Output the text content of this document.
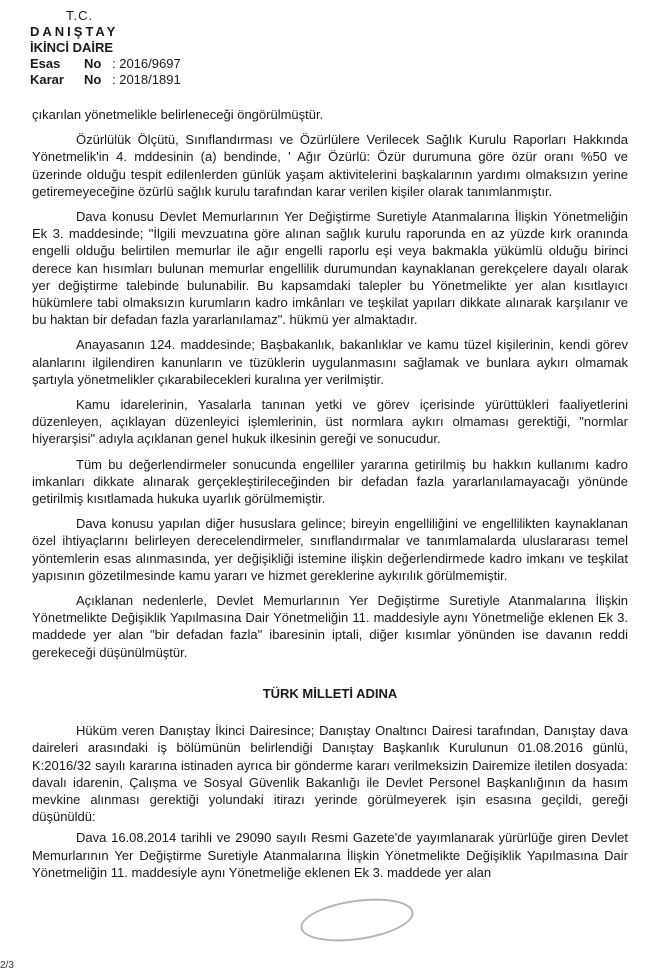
T.C.
DANIŞTAY
İKİNCİ DAİRE
Esas	No : 2016/9697
Karar	No : 2018/1891

çıkarılan yönetmelikle belirleneceği öngörülmüştür.

Özürlülük Ölçütü, Sınıflandırması ve Özürlülere Verilecek Sağlık Kurulu Raporları Hakkında Yönetmelik'in 4. mddesinin (a) bendinde, ' Ağır Özürlü: Özür durumuna göre özür oranı %50 ve üzerinde olduğu tespit edilenlerden günlük yaşam aktivitelerini başkalarının yardımı olmaksızın yerine getiremeyeceğine özürlü sağlık kurulu tarafından karar verilen kişiler olarak tanımlanmıştır.

Dava konusu Devlet Memurlarının Yer Değiştirme Suretiyle Atanmalarına İlişkin Yönetmeliğin Ek 3. maddesinde; "İlgili mevzuatına göre alınan sağlık kurulu raporunda en az yüzde kırk oranında engelli olduğu belirtilen memurlar ile ağır engelli raporlu eşi veya bakmakla yükümlü olduğu birinci derece kan hısımları bulunan memurlar engellilik durumundan kaynaklanan gerekçelere dayalı olarak yer değiştirme talebinde bulunabilir. Bu kapsamdaki talepler bu Yönetmelikte yer alan kısıtlayıcı hükümlere tabi olmaksızın kurumların kadro imkânları ve teşkilat yapıları dikkate alınarak karşılanır ve bu haktan bir defadan fazla yararlanılamaz". hükmü yer almaktadır.

Anayasanın 124. maddesinde; Başbakanlık, bakanlıklar ve kamu tüzel kişilerinin, kendi görev alanlarını ilgilendiren kanunların ve tüzüklerin uygulanmasını sağlamak ve bunlara aykırı olmamak şartıyla yönetmelikler çıkarabilecekleri kuralına yer verilmiştir.

Kamu idarelerinin, Yasalarla tanınan yetki ve görev içerisinde yürüttükleri faaliyetlerini düzenleyen, açıklayan düzenleyici işlemlerinin, üst normlara aykırı olmaması gerektiği, "normlar hiyerarşisi" adıyla açıklanan genel hukuk ilkesinin gereği ve sonucudur.

Tüm bu değerlendirmeler sonucunda engelliler yararına getirilmiş bu hakkın kullanımı kadro imkanları dikkate alınarak gerçekleştirileceğinden bir defadan fazla yararlanılamayacağı yönünde getirilmiş kısıtlamada hukuka uyarlık görülmemiştir.

Dava konusu yapılan diğer hususlara gelince; bireyin engelliliğini ve engellilikten kaynaklanan özel ihtiyaçlarını belirleyen derecelendirmeler, sınıflandırmalar ve tanımlamalarda uluslararası temel yöntemlerin esas alınmasında, yer değişikliği istemine ilişkin değerlendirmede kadro imkanı ve teşkilat yapısının gözetilmesinde kamu yararı ve hizmet gereklerine aykırılık görülmemiştir.

Açıklanan nedenlerle, Devlet Memurlarının Yer Değiştirme Suretiyle Atanmalarına İlişkin Yönetmelikte Değişiklik Yapılmasına Dair Yönetmeliğin 11. maddesiyle aynı Yönetmeliğe eklenen Ek 3. maddede yer alan "bir defadan fazla" ibaresinin iptali, diğer kısımlar yönünden ise davanın reddi gerekeceği düşünülmüştür.

TÜRK MİLLETİ ADINA

Hüküm veren Danıştay İkinci Dairesince; Danıştay Onaltıncı Dairesi tarafından, Danıştay dava daireleri arasındaki iş bölümünün belirlendiği Danıştay Başkanlık Kurulunun 01.08.2016 günlü, K:2016/32 sayılı kararına istinaden ayrıca bir gönderme kararı verilmeksizin Dairemize iletilen dosyada: davalı idarenin, Çalışma ve Sosyal Güvenlik Bakanlığı ile Devlet Personel Başkanlığının da hasım mevkine alınması gerektiği yolundaki itirazı yerinde görülmeyerek işin esasına geçildi, gereği düşünüldü:

Dava 16.08.2014 tarihli ve 29090 sayılı Resmi Gazete'de yayımlanarak yürürlüğe giren Devlet Memurlarının Yer Değiştirme Suretiyle Atanmalarına İlişkin Yönetmelikte Değişiklik Yapılmasına Dair Yönetmeliğin 11. maddesiyle aynı Yönetmeliğe eklenen Ek 3. maddede yer alan

2/3
